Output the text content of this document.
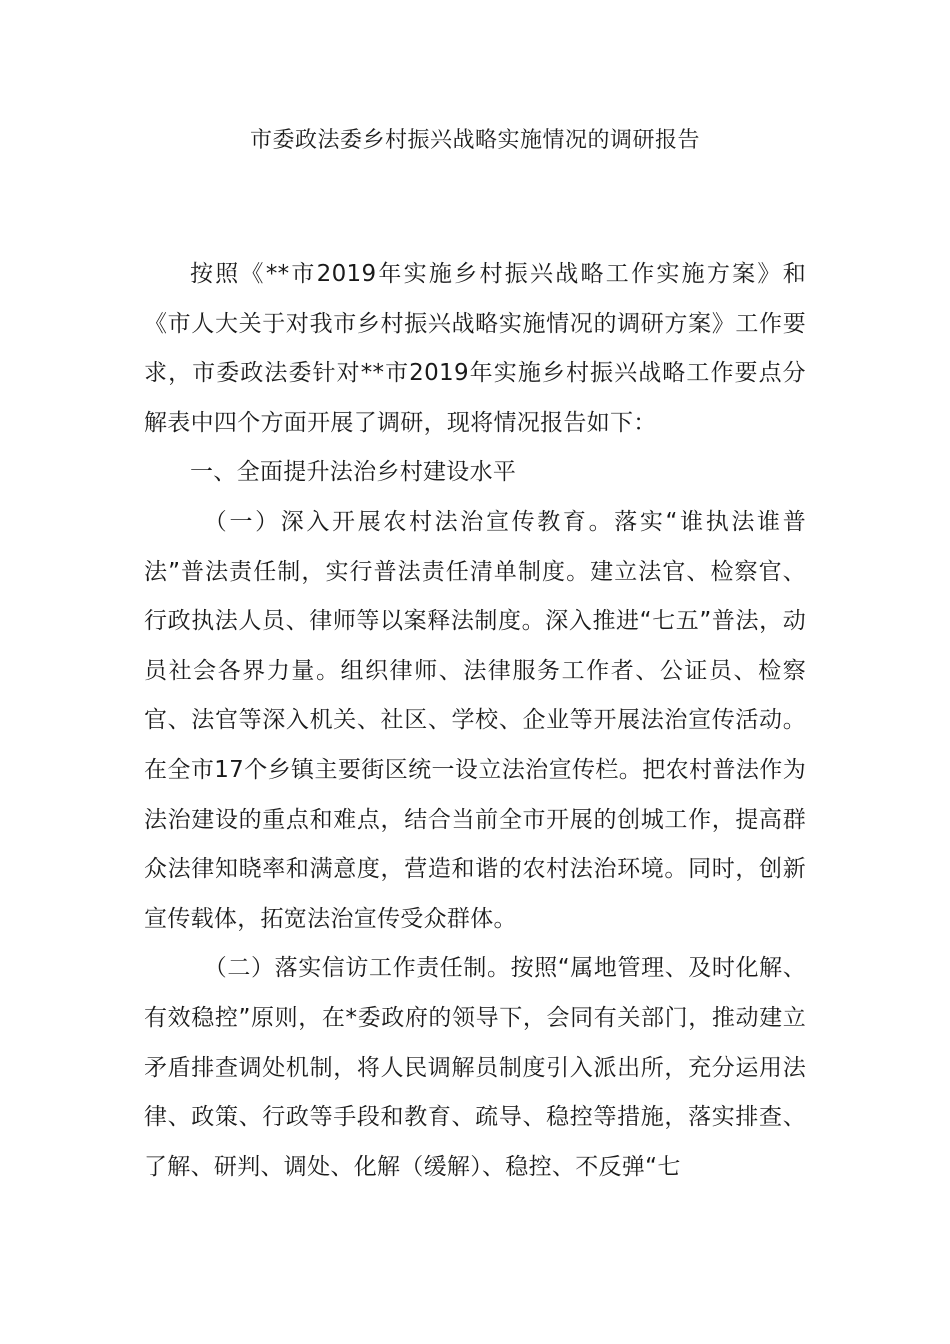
市委政法委乡村振兴战略实施情况的调研报告

按照《**市2019年实施乡村振兴战略工作实施方案》和《市人大关于对我市乡村振兴战略实施情况的调研方案》工作要求，市委政法委针对**市2019年实施乡村振兴战略工作要点分解表中四个方面开展了调研，现将情况报告如下：

一、全面提升法治乡村建设水平

（一）深入开展农村法治宣传教育。落实“谁执法谁普法”普法责任制，实行普法责任清单制度。建立法官、检察官、行政执法人员、律师等以案释法制度。深入推进“七五”普法，动员社会各界力量。组织律师、法律服务工作者、公证员、检察官、法官等深入机关、社区、学校、企业等开展法治宣传活动。在全市17个乡镇主要街区统一设立法治宣传栏。把农村普法作为法治建设的重点和难点，结合当前全市开展的创城工作，提高群众法律知晓率和满意度，营造和谐的农村法治环境。同时，创新宣传载体，拓宽法治宣传受众群体。

（二）落实信访工作责任制。按照“属地管理、及时化解、有效稳控”原则，在*委政府的领导下，会同有关部门，推动建立矛盾排查调处机制，将人民调解员制度引入派出所，充分运用法律、政策、行政等手段和教育、疏导、稳控等措施，落实排查、了解、研判、调处、化解（缓解）、稳控、不反弹“七
